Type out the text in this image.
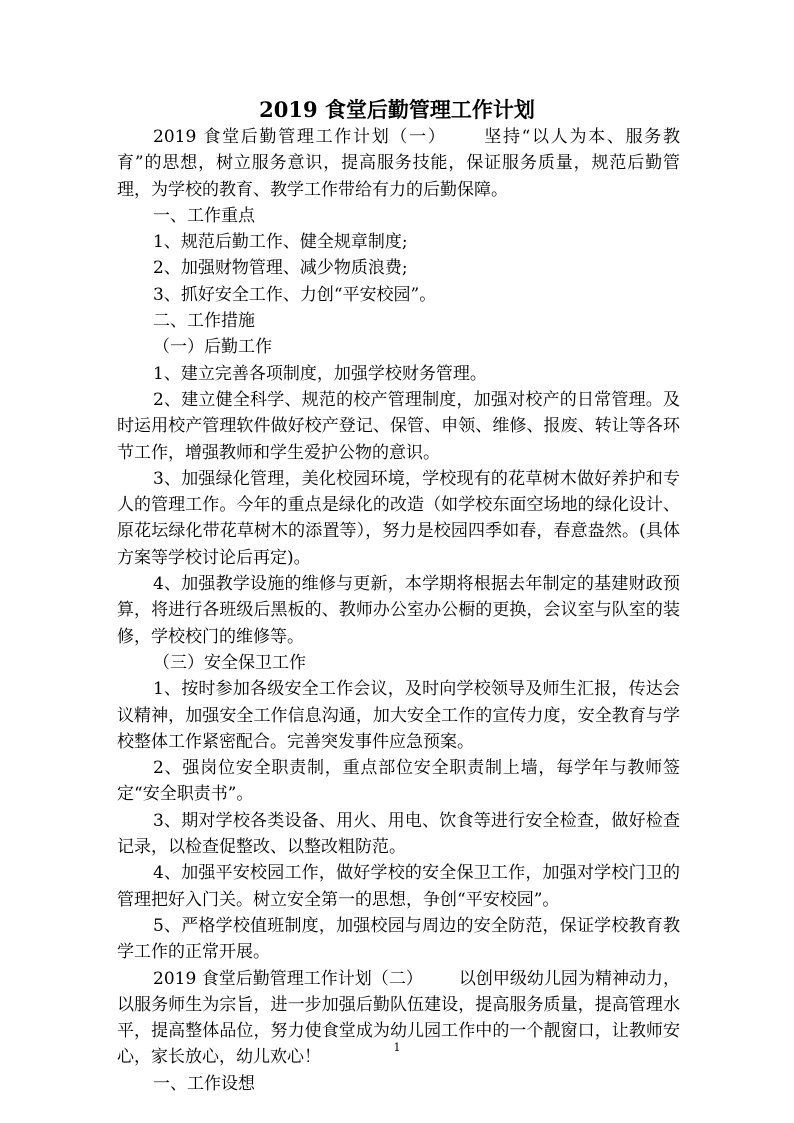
2019 食堂后勤管理工作计划

2019 食堂后勤管理工作计划（一） 坚持“以人为本、服务教育”的思想，树立服务意识，提高服务技能，保证服务质量，规范后勤管理，为学校的教育、教学工作带给有力的后勤保障。

一、工作重点

1、规范后勤工作、健全规章制度;

2、加强财物管理、减少物质浪费;

3、抓好安全工作、力创“平安校园”。

二、工作措施

（一）后勤工作

1、建立完善各项制度，加强学校财务管理。

2、建立健全科学、规范的校产管理制度，加强对校产的日常管理。及时运用校产管理软件做好校产登记、保管、申领、维修、报废、转让等各环节工作，增强教师和学生爱护公物的意识。

3、加强绿化管理，美化校园环境，学校现有的花草树木做好养护和专人的管理工作。今年的重点是绿化的改造（如学校东面空场地的绿化设计、原花坛绿化带花草树木的添置等），努力是校园四季如春，春意盎然。(具体方案等学校讨论后再定)。

4、加强教学设施的维修与更新，本学期将根据去年制定的基建财政预算，将进行各班级后黑板的、教师办公室办公橱的更换，会议室与队室的装修，学校校门的维修等。

（三）安全保卫工作

1、按时参加各级安全工作会议，及时向学校领导及师生汇报，传达会议精神，加强安全工作信息沟通，加大安全工作的宣传力度，安全教育与学校整体工作紧密配合。完善突发事件应急预案。

2、强岗位安全职责制，重点部位安全职责制上墙，每学年与教师签定“安全职责书”。

3、期对学校各类设备、用火、用电、饮食等进行安全检查，做好检查记录，以检查促整改、以整改粗防范。

4、加强平安校园工作，做好学校的安全保卫工作，加强对学校门卫的管理把好入门关。树立安全第一的思想，争创“平安校园”。

5、严格学校值班制度，加强校园与周边的安全防范，保证学校教育教学工作的正常开展。

2019 食堂后勤管理工作计划（二） 以创甲级幼儿园为精神动力，以服务师生为宗旨，进一步加强后勤队伍建设，提高服务质量，提高管理水平，提高整体品位，努力使食堂成为幼儿园工作中的一个靓窗口，让教师安心，家长放心，幼儿欢心！

一、工作设想

1
